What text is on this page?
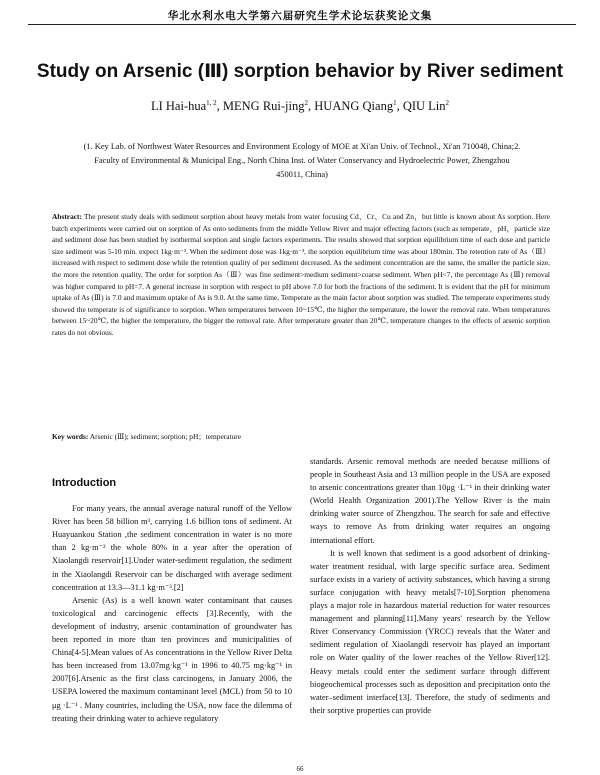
华北水利水电大学第六届研究生学术论坛获奖论文集
Study on Arsenic (Ⅲ) sorption behavior by River sediment
LI Hai-hua$^{1, 2}$, MENG Rui-jing$^2$, HUANG Qiang$^1$, QIU Lin$^2$
(1. Key Lab. of Northwest Water Resources and Environment Ecology of MOE at Xi'an Univ. of Technol., Xi'an 710048, China;2.
Faculty of Environmental & Municipal Eng., North China Inst. of Water Conservancy and Hydroelectric Power, Zhengzhou
450011, China)
Abstract: The present study deals with sediment sorption about heavy metals from water focusing Cd、Cr、Cu and Zn，but little is known about As sorption. Here batch experiments were carried out on sorption of As onto sediments from the middle Yellow River and major effecting factors (such as temperate，pH，particle size and sediment dose has been studied by isothermal sorption and single factors experiments. The results showed that sorption equilibrium time of each dose and particle size sediment was 5-10 min. expect 1kg·m⁻³. When the sediment dose was 1kg·m⁻³, the sorption equilibrium time was about 180min. The retention rate of As（Ⅲ） increased with respect to sediment dose while the retention quality of per sediment decreased. As the sediment concentration are the same, the smaller the particle size, the more the retention quality. The order for sorption As（Ⅲ）was fine sediment>medium sediment>coarse sediment. When pH<7, the percentage As (Ⅲ) removal was higher compared to pH=7. A general increase in sorption with respect to pH above 7.0 for both the fractions of the sediment. It is evident that the pH for minimum uptake of As (Ⅲ) is 7.0 and maximum uptake of As is 9.0. At the same time, Temperate as the main factor about sorption was studied. The temperate experiments study showed the temperate is of significance to sorption. When temperatures between 10~15℃, the higher the temperature, the lower the removal rate. When temperatures between 15~20℃, the higher the temperature, the bigger the removal rate. After temperature greater than 20℃, temperature changes to the effects of arsenic sorption rates do not obvious.
Key words: Arsenic (Ⅲ); sediment; sorption; pH；temperature
Introduction

For many years, the annual average natural runoff of the Yellow River has been 58 billion m³, carrying 1.6 billion tons of sediment. At Huayuankou Station ,the sediment concentration in water is no more than 2 kg·m⁻³ the whole 80% in a year after the operation of Xiaolangdi reservoir[1].Under water-sediment regulation, the sediment in the Xiaolangdi Reservoir can be discharged with average sediment concentration at 13.3—31.1 kg·m⁻³.[2]

Arsenic (As) is a well known water contaminant that causes toxicological and carcinogenic effects [3].Recently, with the development of industry, arsenic contamination of groundwater has been reported in more than ten provinces and municipalities of China[4-5].Mean values of As concentrations in the Yellow River Delta has been increased from 13.07mg·kg⁻¹ in 1996 to 40.75 mg·kg⁻¹ in 2007[6].Arsenic as the first class carcinogens, in January 2006, the USEPA lowered the maximum contaminant level (MCL) from 50 to 10 μg ·L⁻¹ . Many countries, including the USA, now face the dilemma of treating their drinking water to achieve regulatory

standards. Arsenic removal methods are needed because millions of people in Southeast Asia and 13 million people in the USA are exposed to arsenic concentrations greater than 10μg ·L⁻¹ in their drinking water (World Health Organization 2001).The Yellow River is the main drinking water source of Zhengzhou. The search for safe and effective ways to remove As from drinking water requires an ongoing international effort.

It is well known that sediment is a good adsorbent of drinking-water treatment residual, with large specific surface area. Sediment surface exists in a variety of activity substances, which having a strong surface conjugation with heavy metals[7-10].Sorption phenomena plays a major role in hazardous material reduction for water resources management and planning[11].Many years' research by the Yellow River Conservancy Commission (YRCC) reveals that the Water and sediment regulation of Xiaolangdi reservoir has played an important role on Water quality of the lower reaches of the Yellow River[12]. Heavy metals could enter the sediment surface through different biogeochemical processes such as deposition and precipitation onto the water–sediment interface[13]. Therefore, the study of sediments and their sorptive properties can provide

66
